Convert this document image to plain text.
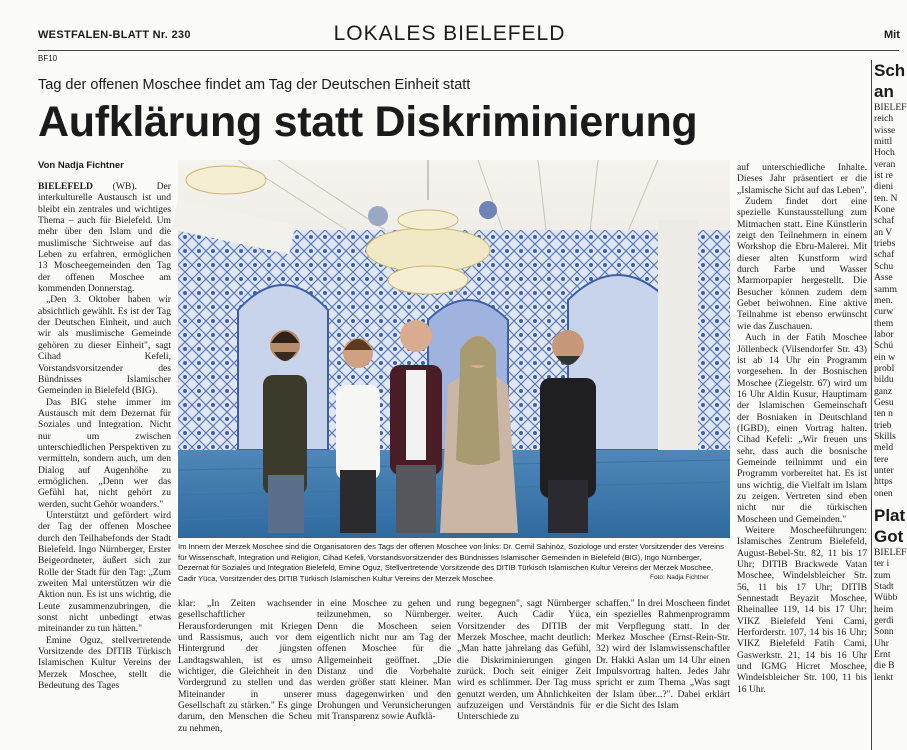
WESTFALEN-BLATT Nr. 230	LOKALES BIELEFELD	Mit
BF10
Tag der offenen Moschee findet am Tag der Deutschen Einheit statt
Aufklärung statt Diskriminierung
Von Nadja Fichtner

BIELEFELD (WB). Der interkulturelle Austausch ist und bleibt ein zentrales und wichtiges Thema – auch für Bielefeld. Um mehr über den Islam und die muslimische Sichtweise auf das Leben zu erfahren, ermöglichen 13 Moscheegemeinden den Tag der offenen Moschee am kommenden Donnerstag.

„Den 3. Oktober haben wir absichtlich gewählt. Es ist der Tag der Deutschen Einheit, und auch wir als muslimische Gemeinde gehören zu dieser Einheit", sagt Cihad Kefeli, Vorstandsvorsitzender des Bündnisses Islamischer Gemeinden in Bielefeld (BIG).

Das BIG stehe immer im Austausch mit dem Dezernat für Soziales und Integration. Nicht nur um zwischen unterschiedlichen Perspektiven zu vermitteln, sondern auch, um den Dialog auf Augenhöhe zu ermöglichen. „Denn wer das Gefühl hat, nicht gehört zu werden, sucht Gehör woanders."

Unterstützt und gefördert wird der Tag der offenen Moschee durch den Teilhabefonds der Stadt Bielefeld. Ingo Nürnberger, Erster Beigeordneter, äußert sich zur Rolle der Stadt für den Tag: „Zum zweiten Mal unterstützen wir die Aktion nun. Es ist uns wichtig, die Leute zusammenzubringen, die sonst nicht unbedingt etwas miteinander zu tun hätten."

Emine Oguz, stellvertretende Vorsitzende des DITIB Türkisch Islamischen Kultur Vereins der Merzek Moschee, stellt die Bedeutung des Tages

Im Innern der Merzek Moschee sind die Organisatoren des Tags der offenen Moschee von links: Dr. Cemil Sahinöz, Soziologe und erster Vorsitzender des Vereins für Wissenschaft, Integration und Religion, Cihad Kefeli, Vorstandsvorsitzender des Bündnisses Islamischer Gemeinden in Bielefeld (BIG), Ingo Nürnberger, Dezernat für Soziales und Integration Bielefeld, Emine Oguz, Stellvertretende Vorsitzende des DITIB Türkisch Islamischen Kultur Vereins der Merzek Moschee, Cadir Yüca, Vorsitzender des DITIB Türkisch Islamischen Kultur Vereins der Merzek Moschee.	Foto: Nadja Fichtner
klar: „In Zeiten wachsender gesellschaftlicher Herausforderungen mit Kriegen und Rassismus, auch vor dem Hintergrund der jüngsten Landtagswahlen, ist es umso wichtiger, die Gleichheit in den Vordergrund zu stellen und das Miteinander in unserer Gesellschaft zu stärken." Es ginge darum, den Menschen die Scheu zu nehmen,
in eine Moschee zu gehen und teilzunehmen, so Nürnberger. Denn die Moscheen seien eigentlich nicht nur am Tag der offenen Moschee für die Allgemeinheit geöffnet. „Die Distanz und die Vorbehalte werden größer statt kleiner. Man muss dagegenwirken und den Drohungen und Verunsicherungen mit Transparenz sowie Aufklä-
rung begegnen", sagt Nürnberger weiter. Auch Cadir Yüca, Vorsitzender des DITIB der Merzek Moschee, macht deutlich: „Man hatte jahrelang das Gefühl, die Diskriminierungen gingen zurück. Doch seit einiger Zeit wird es schlimmer. Der Tag muss genutzt werden, um Ähnlichkeiten aufzuzeigen und Verständnis für Unterschiede zu
schaffen." In drei Moscheen findet ein spezielles Rahmenprogramm mit Verpflegung statt. In der Merkez Moschee (Ernst-Rein-Str. 32) wird der Islamwissenschaftler Dr. Hakki Aslan um 14 Uhr einen Impulsvortrag halten. Jedes Jahr spricht er zum Thema „Was sagt der Islam über...?". Dabei erklärt er die Sicht des Islam

auf unterschiedliche Inhalte. Dieses Jahr präsentiert er die „Islamische Sicht auf das Leben".

Zudem findet dort eine spezielle Kunstausstellung zum Mitmachen statt. Eine Künstlerin zeigt den Teilnehmern in einem Workshop die Ebru-Malerei. Mit dieser alten Kunstform wird durch Farbe und Wasser Marmorpapier hergestellt. Die Besucher können zudem dem Gebet beiwohnen. Eine aktive Teilnahme ist ebenso erwünscht wie das Zuschauen.

Auch in der Fatih Moschee Jöllenbeck (Vilsendorfer Str. 43) ist ab 14 Uhr ein Programm vorgesehen. In der Bosnischen Moschee (Ziegelstr. 67) wird um 16 Uhr Aldin Kusur, Hauptimam der Islamischen Gemeinschaft der Bosniaken in Deutschland (IGBD), einen Vortrag halten. Cihad Kefeli: „Wir freuen uns sehr, dass auch die bosnische Gemeinde teilnimmt und ein Programm vorbereitet hat. Es ist uns wichtig, die Vielfalt im Islam zu zeigen. Vertreten sind eben nicht nur die türkischen Moscheen und Gemeinden."

Weitere Moscheeführungen: Islamisches Zentrum Bielefeld, August-Bebel-Str. 82, 11 bis 17 Uhr; DITIB Brackwede Vatan Moschee, Windelsbleicher Str. 56, 11 bis 17 Uhr; DITIB Sennestadt Beyazit Moschee, Rheinallee 119, 14 bis 17 Uhr; VIKZ Bielefeld Yeni Cami, Herforderstr. 107, 14 bis 16 Uhr; VIKZ Bielefeld Fatih Cami, Gaswerkstr. 21, 14 bis 16 Uhr und IGMG Hicret Moschee, Windelsbleicher Str. 100, 11 bis 16 Uhr.

Sch an
BIELEF reich wisse mittl Hoch veran ist re dieni ten. N Kone schaf an V triebs schaf Schu Asse samm men. curw them labor Schü ein w probl bildu ganz Gesu ten n trieb Skills meld tere unter https onen
Plat Got
BIELEF ter i zum Stadt Wübb heim gerdi Sonn Uhr Ernt die B lenkt
